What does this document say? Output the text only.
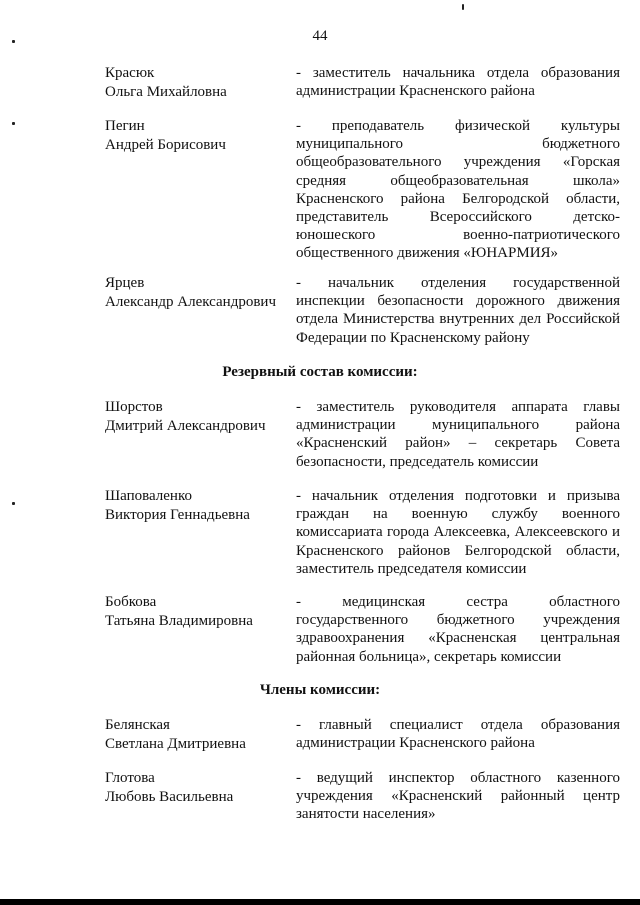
44
Красюк
Ольга Михайловна
- заместитель начальника отдела образования администрации Красненского района
Пегин
Андрей Борисович
- преподаватель физической культуры муниципального бюджетного общеобразовательного учреждения «Горская средняя общеобразовательная школа» Красненского района Белгородской области, представитель Всероссийского детско-юношеского военно-патриотического общественного движения «ЮНАРМИЯ»
Ярцев
Александр Александрович
- начальник отделения государственной инспекции безопасности дорожного движения отдела Министерства внутренних дел Российской Федерации по Красненскому району
Резервный состав комиссии:
Шорстов
Дмитрий Александрович
- заместитель руководителя аппарата главы администрации муниципального района «Красненский район» – секретарь Совета безопасности, председатель комиссии
Шаповаленко
Виктория Геннадьевна
- начальник отделения подготовки и призыва граждан на военную службу военного комиссариата города Алексеевка, Алексеевского и Красненского районов Белгородской области, заместитель председателя комиссии
Бобкова
Татьяна Владимировна
- медицинская сестра областного государственного бюджетного учреждения здравоохранения «Красненская центральная районная больница», секретарь комиссии
Члены комиссии:
Белянская
Светлана Дмитриевна
- главный специалист отдела образования администрации Красненского района
Глотова
Любовь Васильевна
- ведущий инспектор областного казенного учреждения «Красненский районный центр занятости населения»
